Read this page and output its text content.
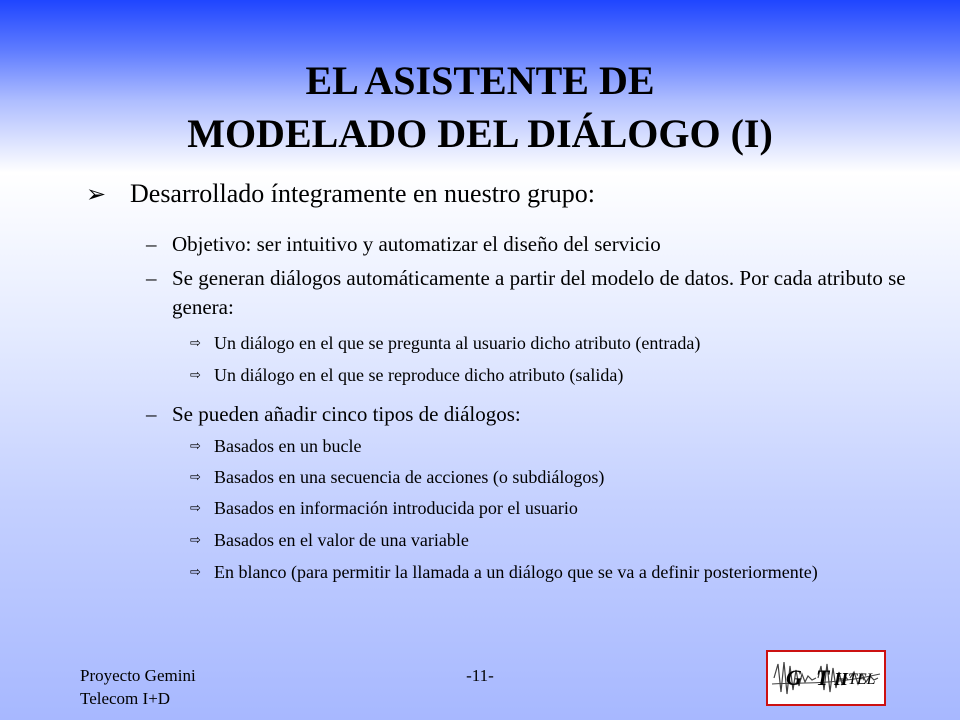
EL ASISTENTE DE
MODELADO DEL DIÁLOGO (I)
➢ Desarrollado íntegramente en nuestro grupo:
– Objetivo: ser intuitivo y automatizar el diseño del servicio
– Se generan diálogos automáticamente a partir del modelo de datos. Por cada atributo se genera:
⇨ Un diálogo en el que se pregunta al usuario dicho atributo (entrada)
⇨ Un diálogo en el que se reproduce dicho atributo (salida)
– Se pueden añadir cinco tipos de diálogos:
⇨ Basados en un bucle
⇨ Basados en una secuencia de acciones (o subdiálogos)
⇨ Basados en información introducida por el usuario
⇨ Basados en el valor de una variable
⇨ En blanco (para permitir la llamada a un diálogo que se va a definir posteriormente)
Proyecto Gemini
Telecom I+D
-11-	G T H TEL
